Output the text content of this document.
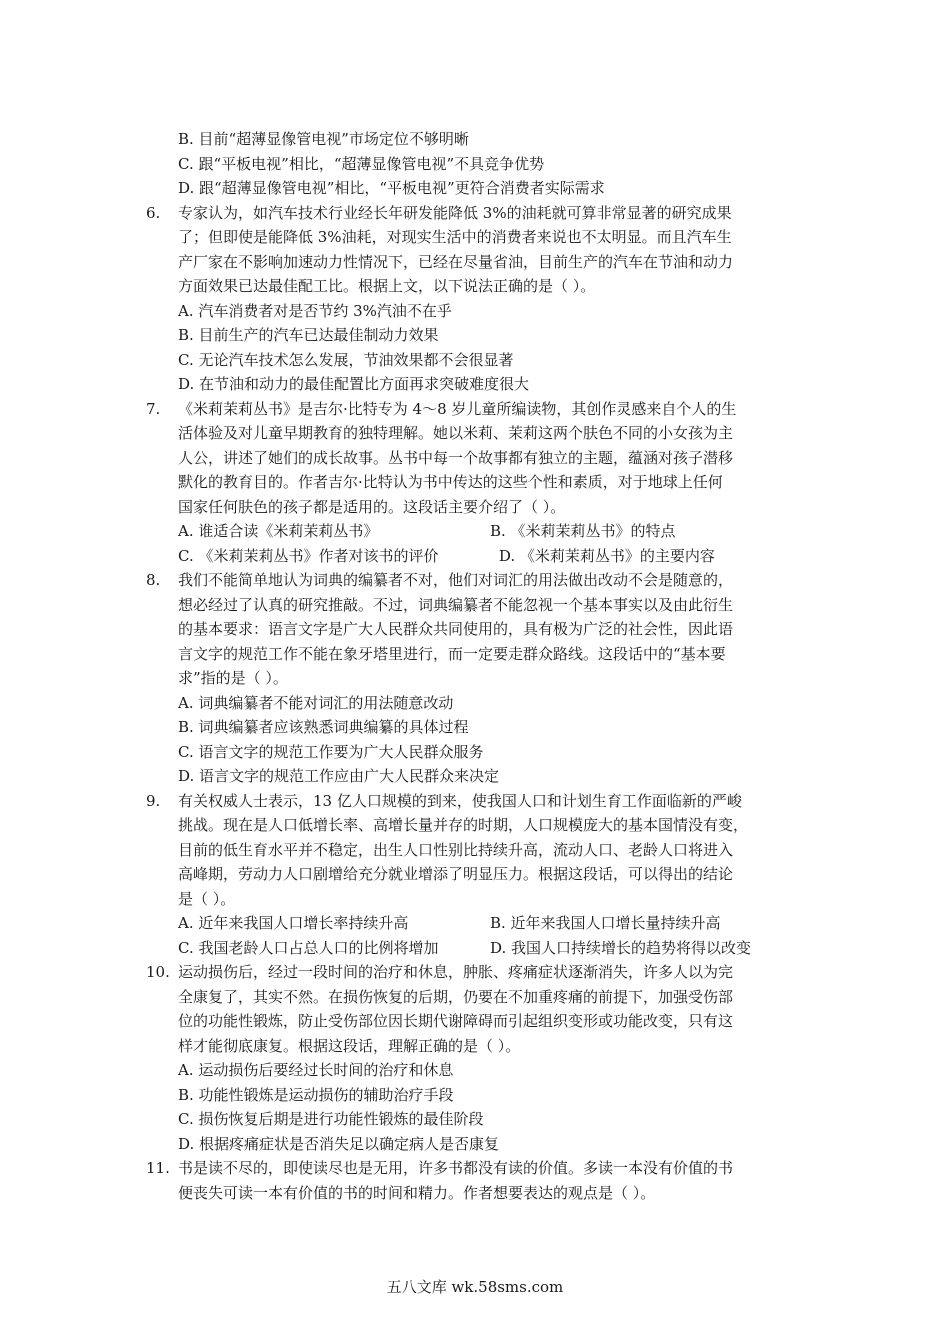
B. 目前“超薄显像管电视”市场定位不够明晰
C. 跟“平板电视”相比，“超薄显像管电视”不具竞争优势
D. 跟“超薄显像管电视”相比，“平板电视”更符合消费者实际需求
6. 专家认为，如汽车技术行业经长年研发能降低 3%的油耗就可算非常显著的研究成果
了；但即使是能降低 3%油耗，对现实生活中的消费者来说也不太明显。而且汽车生
产厂家在不影响加速动力性情况下，已经在尽量省油，目前生产的汽车在节油和动力
方面效果已达最佳配工比。根据上文，以下说法正确的是（ ）。
A. 汽车消费者对是否节约 3%汽油不在乎
B. 目前生产的汽车已达最佳制动力效果
C. 无论汽车技术怎么发展，节油效果都不会很显著
D. 在节油和动力的最佳配置比方面再求突破难度很大
7. 《米莉茉莉丛书》是吉尔·比特专为 4～8 岁儿童所编读物，其创作灵感来自个人的生
活体验及对儿童早期教育的独特理解。她以米莉、茉莉这两个肤色不同的小女孩为主
人公，讲述了她们的成长故事。丛书中每一个故事都有独立的主题，蕴涵对孩子潜移
默化的教育目的。作者吉尔·比特认为书中传达的这些个性和素质，对于地球上任何
国家任何肤色的孩子都是适用的。这段话主要介绍了（ ）。
A. 谁适合读《米莉茉莉丛书》	B. 《米莉茉莉丛书》的特点
C. 《米莉茉莉丛书》作者对该书的评价	D. 《米莉茉莉丛书》的主要内容
8. 我们不能简单地认为词典的编纂者不对，他们对词汇的用法做出改动不会是随意的，
想必经过了认真的研究推敲。不过，词典编纂者不能忽视一个基本事实以及由此衍生
的基本要求：语言文字是广大人民群众共同使用的，具有极为广泛的社会性，因此语
言文字的规范工作不能在象牙塔里进行，而一定要走群众路线。这段话中的“基本要
求”指的是（ ）。
A. 词典编纂者不能对词汇的用法随意改动
B. 词典编纂者应该熟悉词典编纂的具体过程
C. 语言文字的规范工作要为广大人民群众服务
D. 语言文字的规范工作应由广大人民群众来决定
9. 有关权威人士表示，13 亿人口规模的到来，使我国人口和计划生育工作面临新的严峻
挑战。现在是人口低增长率、高增长量并存的时期，人口规模庞大的基本国情没有变，
目前的低生育水平并不稳定，出生人口性别比持续升高，流动人口、老龄人口将进入
高峰期，劳动力人口剧增给充分就业增添了明显压力。根据这段话，可以得出的结论
是（ ）。
A. 近年来我国人口增长率持续升高	B. 近年来我国人口增长量持续升高
C. 我国老龄人口占总人口的比例将增加	D. 我国人口持续增长的趋势将得以改变
10. 运动损伤后，经过一段时间的治疗和休息，肿胀、疼痛症状逐渐消失，许多人以为完
全康复了，其实不然。在损伤恢复的后期，仍要在不加重疼痛的前提下，加强受伤部
位的功能性锻炼，防止受伤部位因长期代谢障碍而引起组织变形或功能改变，只有这
样才能彻底康复。根据这段话，理解正确的是（ ）。
A. 运动损伤后要经过长时间的治疗和休息
B. 功能性锻炼是运动损伤的辅助治疗手段
C. 损伤恢复后期是进行功能性锻炼的最佳阶段
D. 根据疼痛症状是否消失足以确定病人是否康复
11. 书是读不尽的，即使读尽也是无用，许多书都没有读的价值。多读一本没有价值的书
便丧失可读一本有价值的书的时间和精力。作者想要表达的观点是（ ）。
五八文库 wk.58sms.com
